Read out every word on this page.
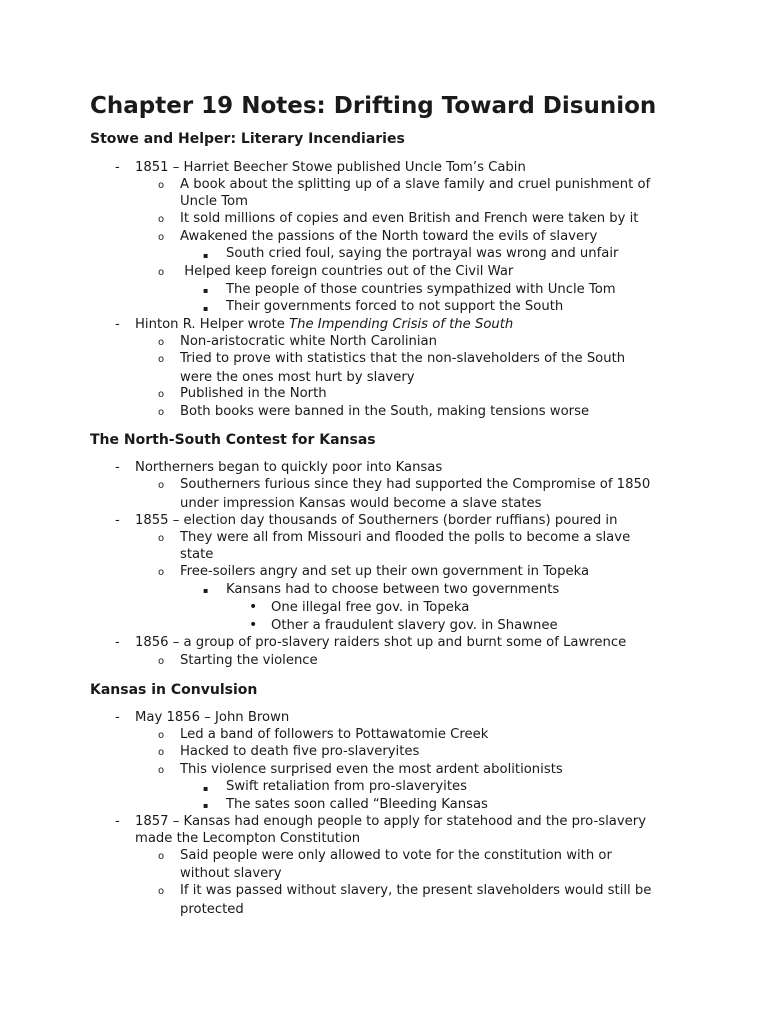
Chapter 19 Notes: Drifting Toward Disunion
Stowe and Helper: Literary Incendiaries
- 1851 – Harriet Beecher Stowe published Uncle Tom’s Cabin
o A book about the splitting up of a slave family and cruel punishment of
Uncle Tom
o It sold millions of copies and even British and French were taken by it
o Awakened the passions of the North toward the evils of slavery
▪ South cried foul, saying the portrayal was wrong and unfair
o Helped keep foreign countries out of the Civil War
▪ The people of those countries sympathized with Uncle Tom
▪ Their governments forced to not support the South
- Hinton R. Helper wrote The Impending Crisis of the South
o Non-aristocratic white North Carolinian
o Tried to prove with statistics that the non-slaveholders of the South
were the ones most hurt by slavery
o Published in the North
o Both books were banned in the South, making tensions worse
The North-South Contest for Kansas
- Northerners began to quickly poor into Kansas
o Southerners furious since they had supported the Compromise of 1850
under impression Kansas would become a slave states
- 1855 – election day thousands of Southerners (border ruffians) poured in
o They were all from Missouri and flooded the polls to become a slave
state
o Free-soilers angry and set up their own government in Topeka
▪ Kansans had to choose between two governments
• One illegal free gov. in Topeka
• Other a fraudulent slavery gov. in Shawnee
- 1856 – a group of pro-slavery raiders shot up and burnt some of Lawrence
o Starting the violence
Kansas in Convulsion
- May 1856 – John Brown
o Led a band of followers to Pottawatomie Creek
o Hacked to death five pro-slaveryites
o This violence surprised even the most ardent abolitionists
▪ Swift retaliation from pro-slaveryites
▪ The sates soon called “Bleeding Kansas
- 1857 – Kansas had enough people to apply for statehood and the pro-slavery
made the Lecompton Constitution
o Said people were only allowed to vote for the constitution with or
without slavery
o If it was passed without slavery, the present slaveholders would still be
protected
